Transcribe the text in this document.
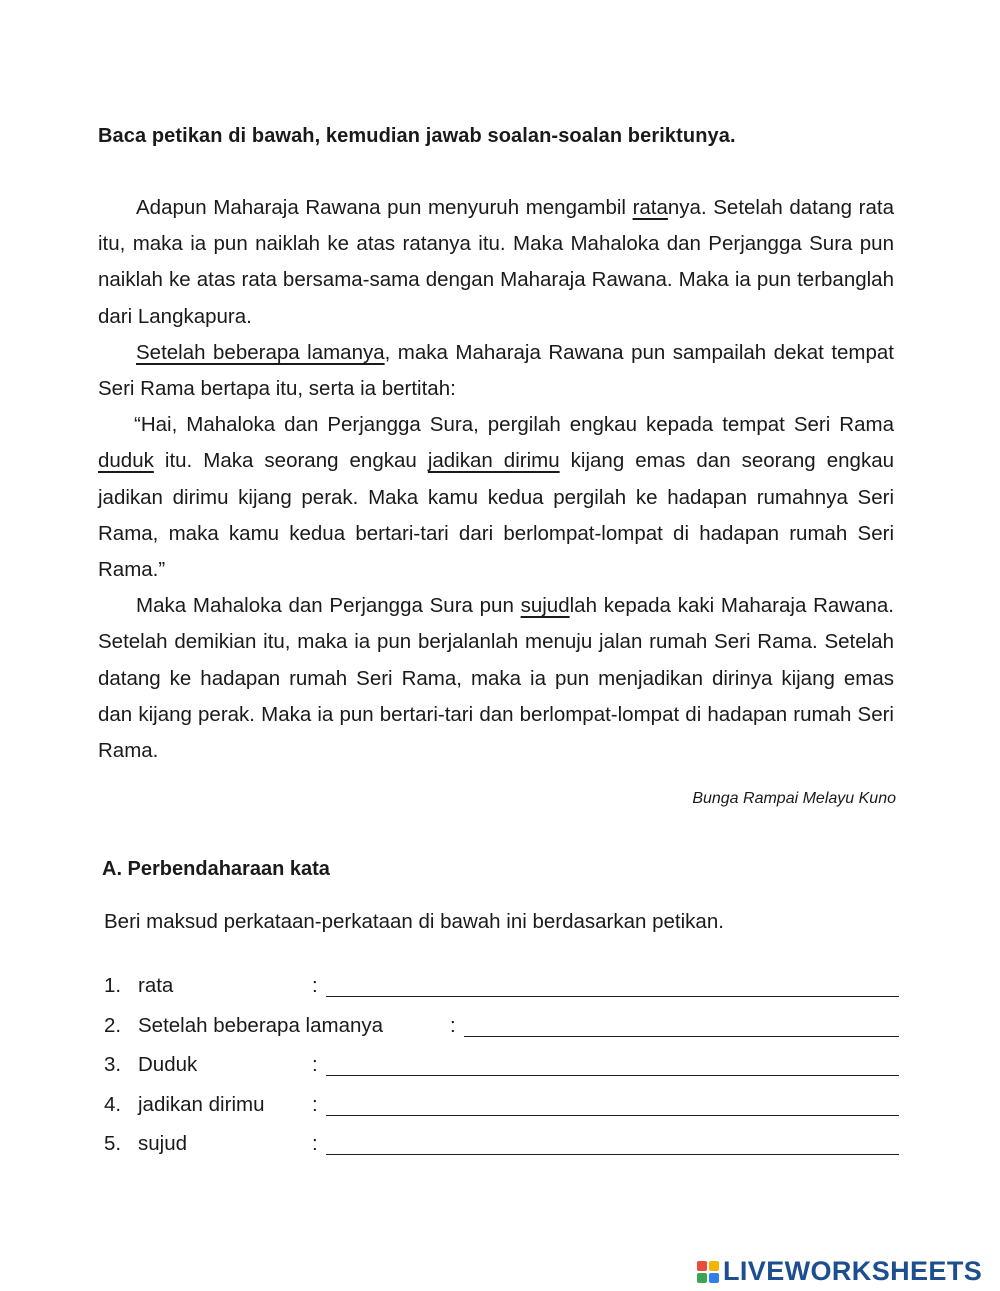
Baca petikan di bawah, kemudian jawab soalan-soalan beriktunya.

Adapun Maharaja Rawana pun menyuruh mengambil ratanya. Setelah datang rata itu, maka ia pun naiklah ke atas ratanya itu. Maka Mahaloka dan Perjangga Sura pun naiklah ke atas rata bersama-sama dengan Maharaja Rawana. Maka ia pun terbanglah dari Langkapura.

Setelah beberapa lamanya, maka Maharaja Rawana pun sampailah dekat tempat Seri Rama bertapa itu, serta ia bertitah:

“Hai, Mahaloka dan Perjangga Sura, pergilah engkau kepada tempat Seri Rama duduk itu. Maka seorang engkau jadikan dirimu kijang emas dan seorang engkau jadikan dirimu kijang perak. Maka kamu kedua pergilah ke hadapan rumahnya Seri Rama, maka kamu kedua bertari-tari dari berlompat-lompat di hadapan rumah Seri Rama.”

Maka Mahaloka dan Perjangga Sura pun sujudlah kepada kaki Maharaja Rawana. Setelah demikian itu, maka ia pun berjalanlah menuju jalan rumah Seri Rama. Setelah datang ke hadapan rumah Seri Rama, maka ia pun menjadikan dirinya kijang emas dan kijang perak. Maka ia pun bertari-tari dan berlompat-lompat di hadapan rumah Seri Rama.

Bunga Rampai Melayu Kuno
A. Perbendaharaan kata
Beri maksud perkataan-perkataan di bawah ini berdasarkan petikan.
1. rata	:
2. Setelah beberapa lamanya	:
3. Duduk	:
4. jadikan dirimu :
5. sujud	:
LIVEWORKSHEETS
